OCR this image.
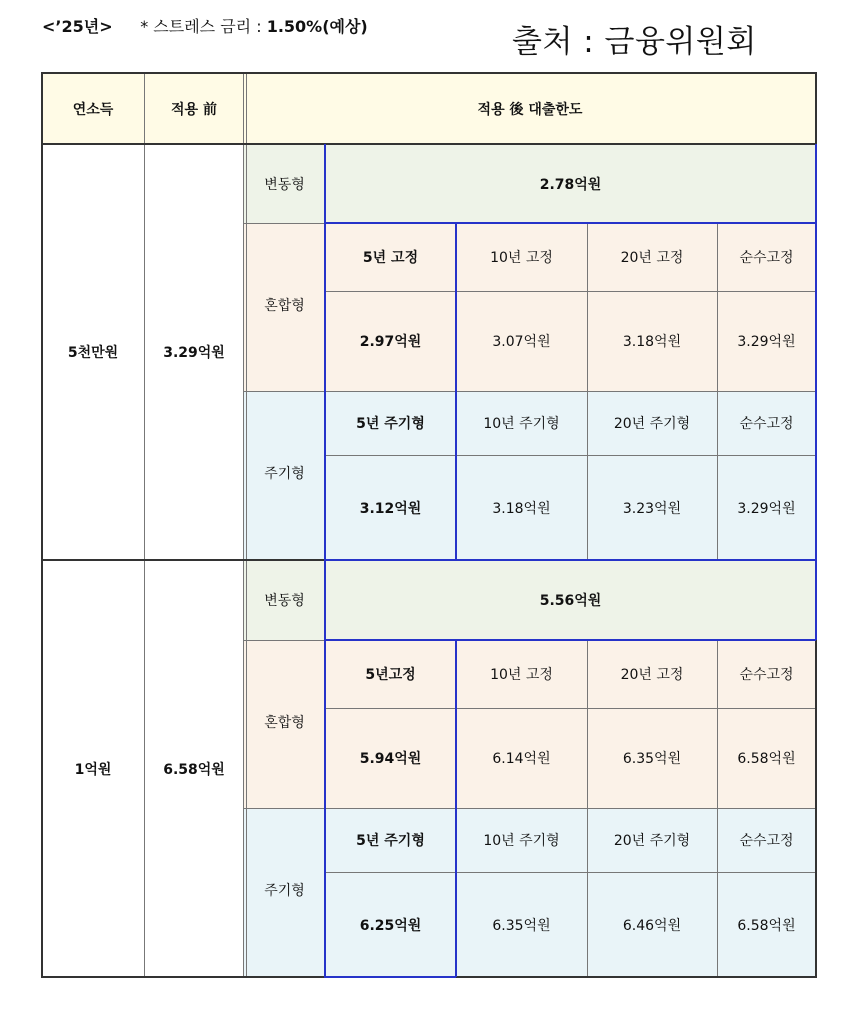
<’25년> * 스트레스 금리 : 1.50%(예상)	출처 : 금융위원회
연소득	적용 前	적용 後 대출한도
5천만원	3.29억원
변동형	2.78억원
혼합형
5년 고정	10년 고정	20년 고정	순수고정
2.97억원	3.07억원	3.18억원	3.29억원
주기형
5년 주기형	10년 주기형	20년 주기형	순수고정
3.12억원	3.18억원	3.23억원	3.29억원
1억원	6.58억원
변동형	5.56억원
혼합형
5년고정	10년 고정	20년 고정	순수고정
5.94억원	6.14억원	6.35억원	6.58억원
주기형
5년 주기형	10년 주기형	20년 주기형	순수고정
6.25억원	6.35억원	6.46억원	6.58억원
